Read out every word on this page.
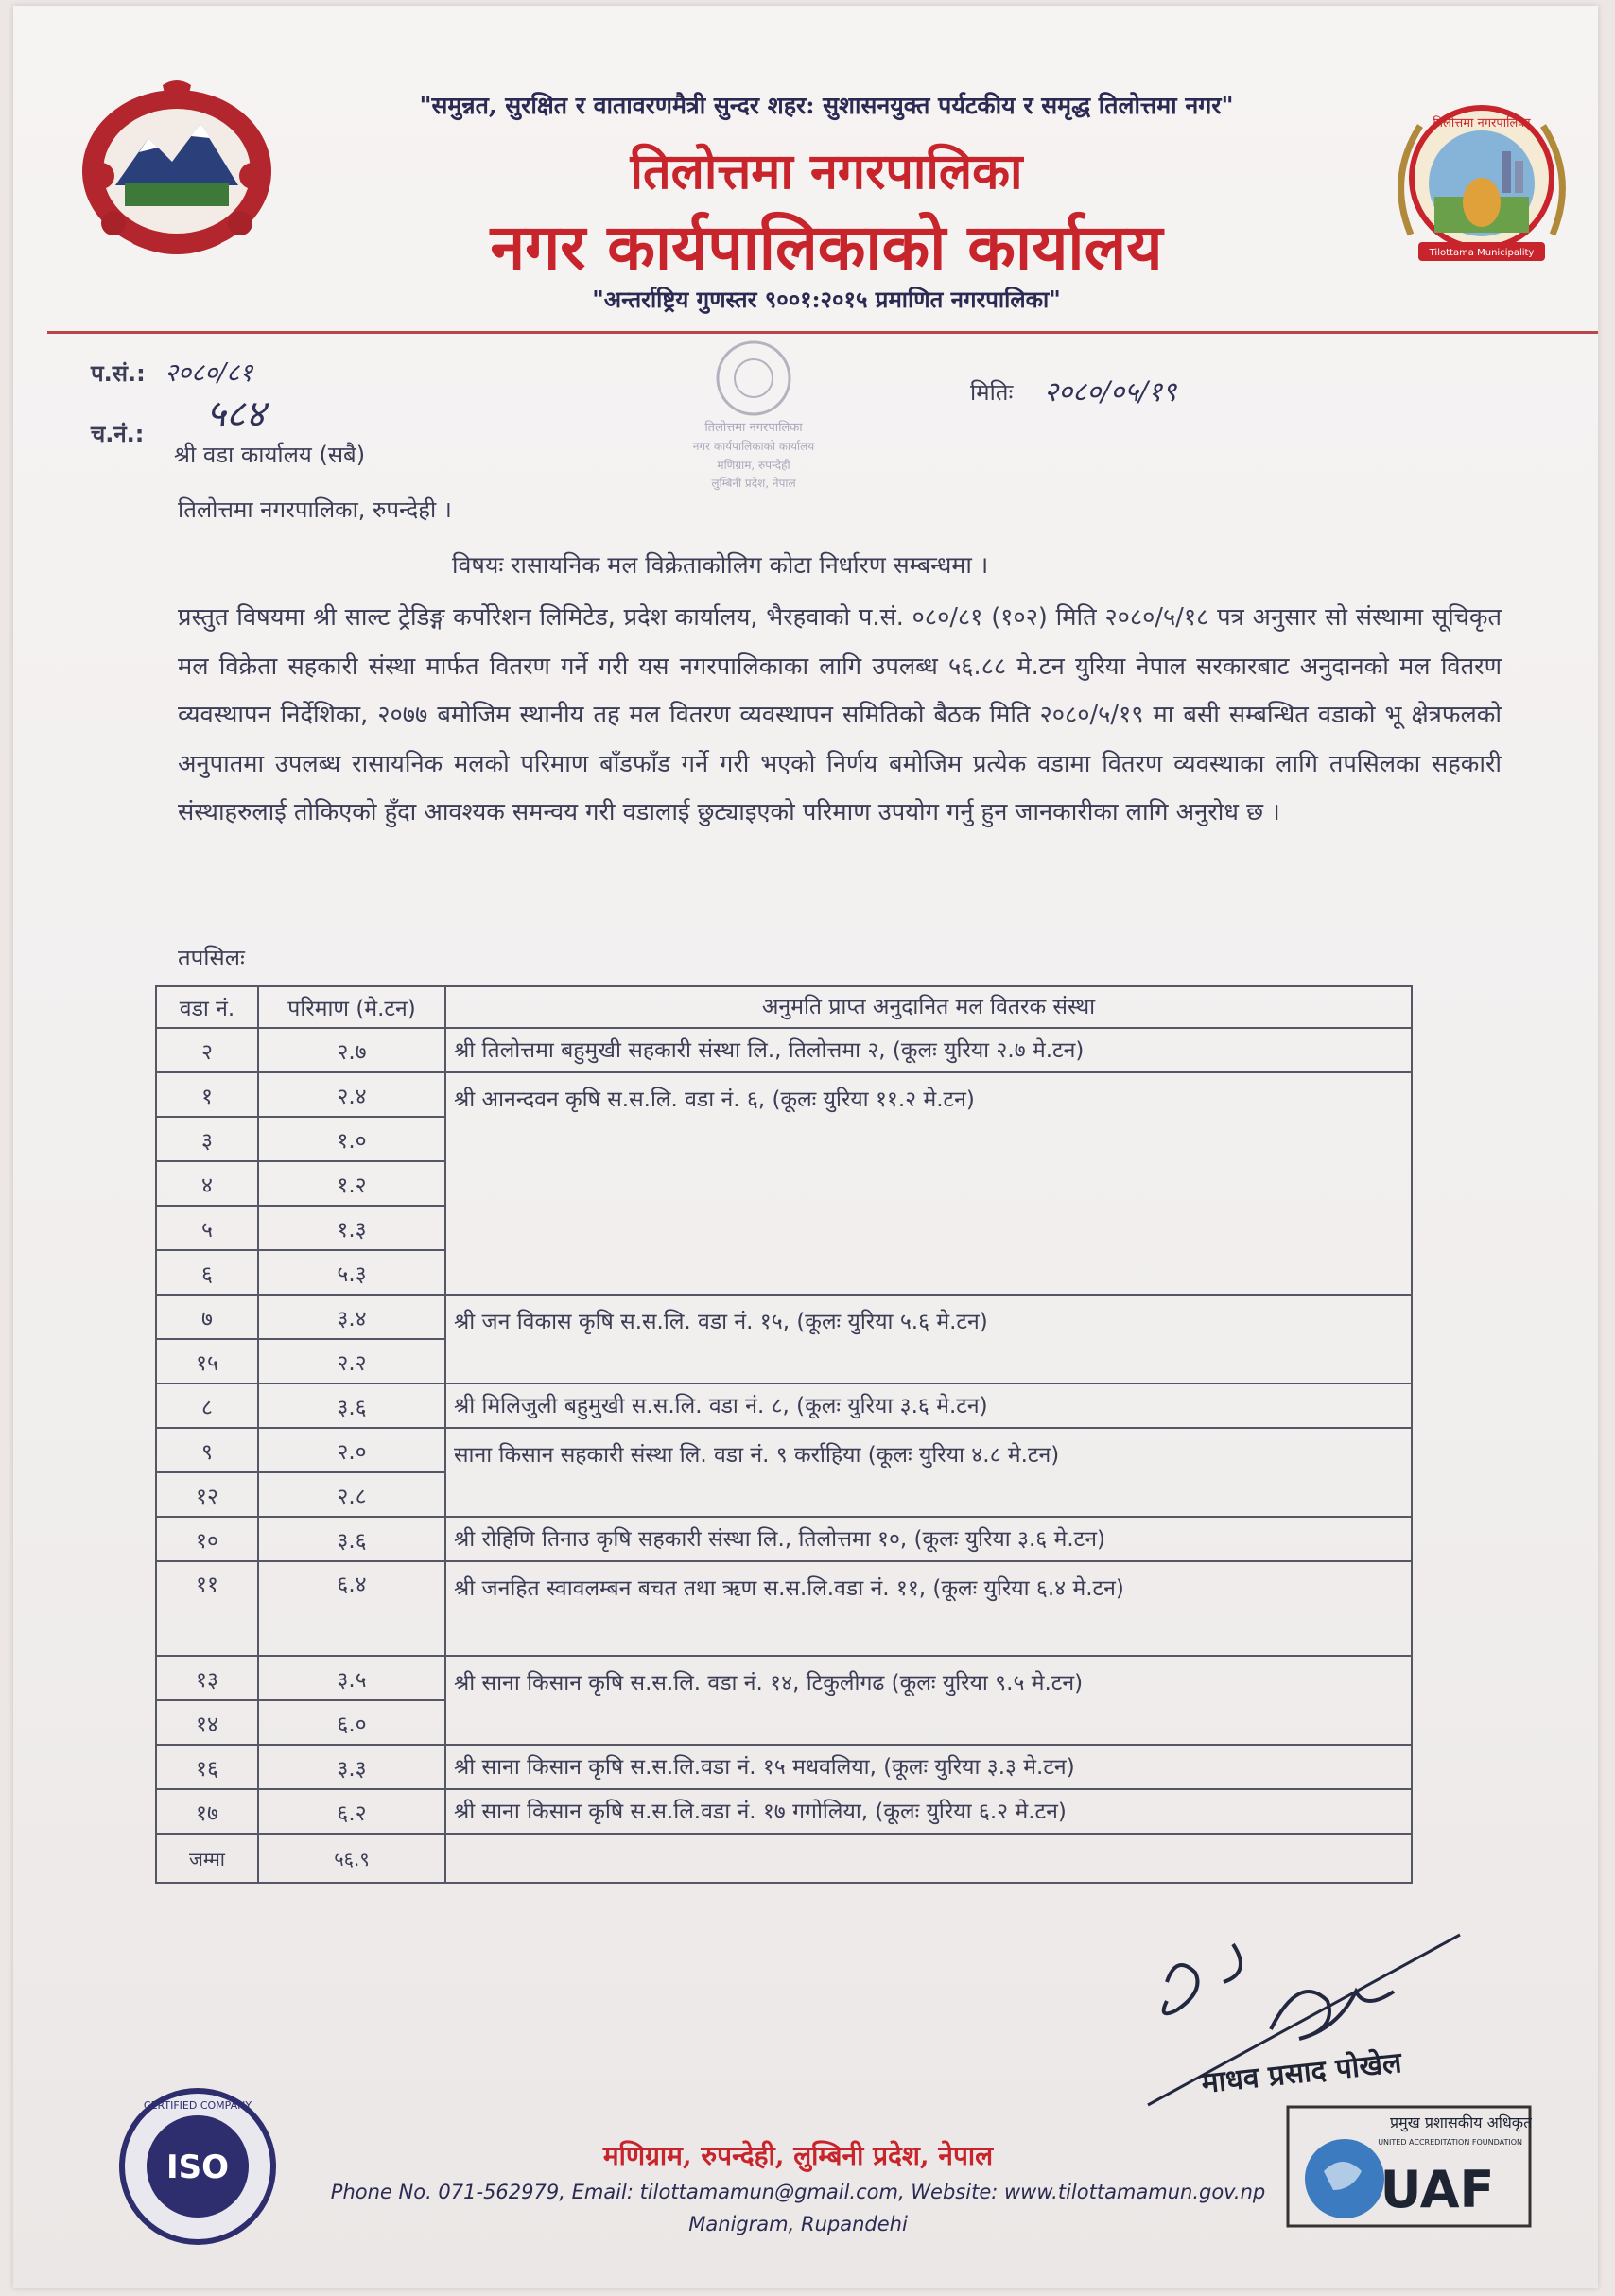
"समुन्नत, सुरक्षित र वातावरणमैत्री सुन्दर शहर: सुशासनयुक्त पर्यटकीय र समृद्ध तिलोत्तमा नगर"
तिलोत्तमा नगरपालिका
नगर कार्यपालिकाको कार्यालय
"अन्तर्राष्ट्रिय गुणस्तर ९००१:२०१५ प्रमाणित नगरपालिका"
तिलोत्तमा नगरपालिका
Tilottama Municipality
प.सं.: २०८०/८१
५८४
च.नं.:
श्री वडा कार्यालय (सबै)
तिलोत्तमा नगरपालिका, रुपन्देही ।
मितिः २०८०/०५/१९
तिलोत्तमा नगरपालिका
नगर कार्यपालिकाको कार्यालय
मणिग्राम, रुपन्देही
लुम्बिनी प्रदेश, नेपाल
विषयः रासायनिक मल विक्रेताकोलिग कोटा निर्धारण सम्बन्धमा ।
प्रस्तुत विषयमा श्री साल्ट ट्रेडिङ्ग कर्पोरेशन लिमिटेड, प्रदेश कार्यालय, भैरहवाको प.सं. ०८०/८१ (१०२) मिति २०८०/५/१८ पत्र अनुसार सो संस्थामा सूचिकृत मल विक्रेता सहकारी संस्था मार्फत वितरण गर्ने गरी यस नगरपालिकाका लागि उपलब्ध ५६.८८ मे.टन युरिया नेपाल सरकारबाट अनुदानको मल वितरण व्यवस्थापन निर्देशिका, २०७७ बमोजिम स्थानीय तह मल वितरण व्यवस्थापन समितिको बैठक मिति २०८०/५/१९ मा बसी सम्बन्धित वडाको भू क्षेत्रफलको अनुपातमा उपलब्ध रासायनिक मलको परिमाण बाँडफाँड गर्ने गरी भएको निर्णय बमोजिम प्रत्येक वडामा वितरण व्यवस्थाका लागि तपसिलका सहकारी संस्थाहरुलाई तोकिएको हुँदा आवश्यक समन्वय गरी वडालाई छुट्याइएको परिमाण उपयोग गर्नु हुन जानकारीका लागि अनुरोध छ ।
तपसिलः
वडा नं.	परिमाण (मे.टन)	अनुमति प्राप्त अनुदानित मल वितरक संस्था
२	२.७	श्री तिलोत्तमा बहुमुखी सहकारी संस्था लि., तिलोत्तमा २, (कूलः युरिया २.७ मे.टन)
१	२.४	श्री आनन्दवन कृषि स.स.लि. वडा नं. ६, (कूलः युरिया ११.२ मे.टन)
३	१.०	
४	१.२	
५	१.३	
६	५.३	
७	३.४	श्री जन विकास कृषि स.स.लि. वडा नं. १५, (कूलः युरिया ५.६ मे.टन)
१५	२.२	
८	३.६	श्री मिलिजुली बहुमुखी स.स.लि. वडा नं. ८, (कूलः युरिया ३.६ मे.टन)
९	२.०	साना किसान सहकारी संस्था लि. वडा नं. ९ कर्राहिया (कूलः युरिया ४.८ मे.टन)
१२	२.८	
१०	३.६	श्री रोहिणि तिनाउ कृषि सहकारी संस्था लि., तिलोत्तमा १०, (कूलः युरिया ३.६ मे.टन)
११	६.४	श्री जनहित स्वावलम्बन बचत तथा ऋण स.स.लि.वडा नं. ११, (कूलः युरिया ६.४ मे.टन)
१३	३.५	श्री साना किसान कृषि स.स.लि. वडा नं. १४, टिकुलीगढ (कूलः युरिया ९.५ मे.टन)
१४	६.०	
१६	३.३	श्री साना किसान कृषि स.स.लि.वडा नं. १५ मधवलिया, (कूलः युरिया ३.३ मे.टन)
१७	६.२	श्री साना किसान कृषि स.स.लि.वडा नं. १७ गगोलिया, (कूलः युरिया ६.२ मे.टन)
जम्मा	५६.९	
माधव प्रसाद पोखेल
प्रमुख प्रशासकीय अधिकृत
UAF
UNITED ACCREDITATION FOUNDATION
ISO
CERTIFIED COMPANY
मणिग्राम, रुपन्देही, लुम्बिनी प्रदेश, नेपाल
Phone No. 071-562979, Email: tilottamamun@gmail.com, Website: www.tilottamamun.gov.np
Manigram, Rupandehi
